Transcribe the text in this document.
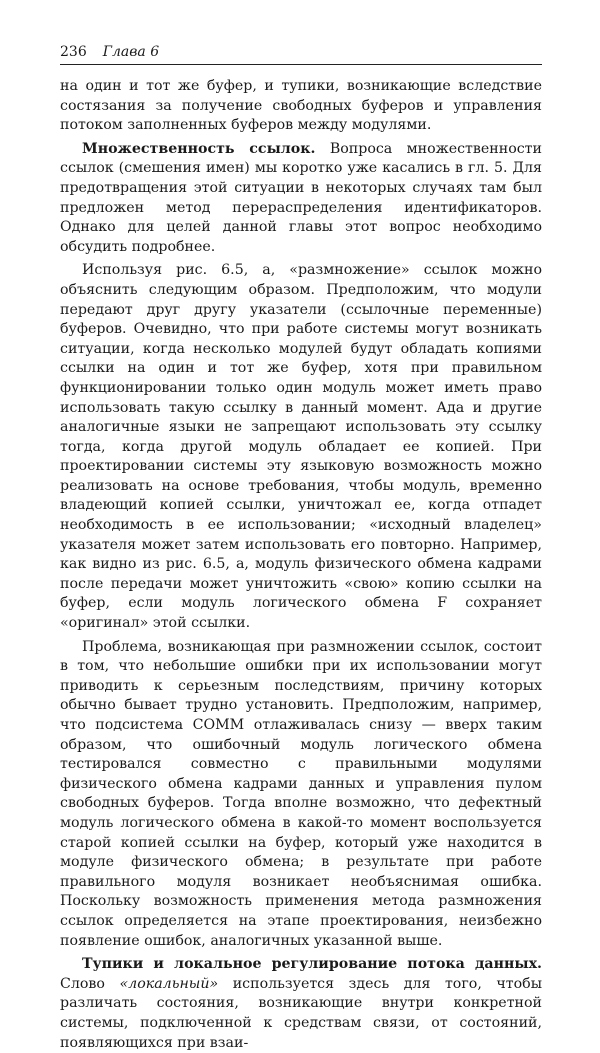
236 Глава 6

на один и тот же буфер, и тупики, возникающие вследствие состязания за получение свободных буферов и управления потоком заполненных буферов между модулями.

Множественность ссылок. Вопроса множественности ссылок (смешения имен) мы коротко уже касались в гл. 5. Для предотвращения этой ситуации в некоторых случаях там был предложен метод перераспределения идентификаторов. Однако для целей данной главы этот вопрос необходимо обсудить подробнее.

Используя рис. 6.5, а, «размножение» ссылок можно объяснить следующим образом. Предположим, что модули передают друг другу указатели (ссылочные переменные) буферов. Очевидно, что при работе системы могут возникать ситуации, когда несколько модулей будут обладать копиями ссылки на один и тот же буфер, хотя при правильном функционировании только один модуль может иметь право использовать такую ссылку в данный момент. Ада и другие аналогичные языки не запрещают использовать эту ссылку тогда, когда другой модуль обладает ее копией. При проектировании системы эту языковую возможность можно реализовать на основе требования, чтобы модуль, временно владеющий копией ссылки, уничтожал ее, когда отпадет необходимость в ее использовании; «исходный владелец» указателя может затем использовать его повторно. Например, как видно из рис. 6.5, а, модуль физического обмена кадрами после передачи может уничтожить «свою» копию ссылки на буфер, если модуль логического обмена F сохраняет «оригинал» этой ссылки.

Проблема, возникающая при размножении ссылок, состоит в том, что небольшие ошибки при их использовании могут приводить к серьезным последствиям, причину которых обычно бывает трудно установить. Предположим, например, что подсистема COMM отлаживалась снизу — вверх таким образом, что ошибочный модуль логического обмена тестировался совместно с правильными модулями физического обмена кадрами данных и управления пулом свободных буферов. Тогда вполне возможно, что дефектный модуль логического обмена в какой-то момент воспользуется старой копией ссылки на буфер, который уже находится в модуле физического обмена; в результате при работе правильного модуля возникает необъяснимая ошибка. Поскольку возможность применения метода размножения ссылок определяется на этапе проектирования, неизбежно появление ошибок, аналогичных указанной выше.

Тупики и локальное регулирование потока данных. Слово «локальный» используется здесь для того, чтобы различать состояния, возникающие внутри конкретной системы, подключенной к средствам связи, от состояний, появляющихся при взаи-
